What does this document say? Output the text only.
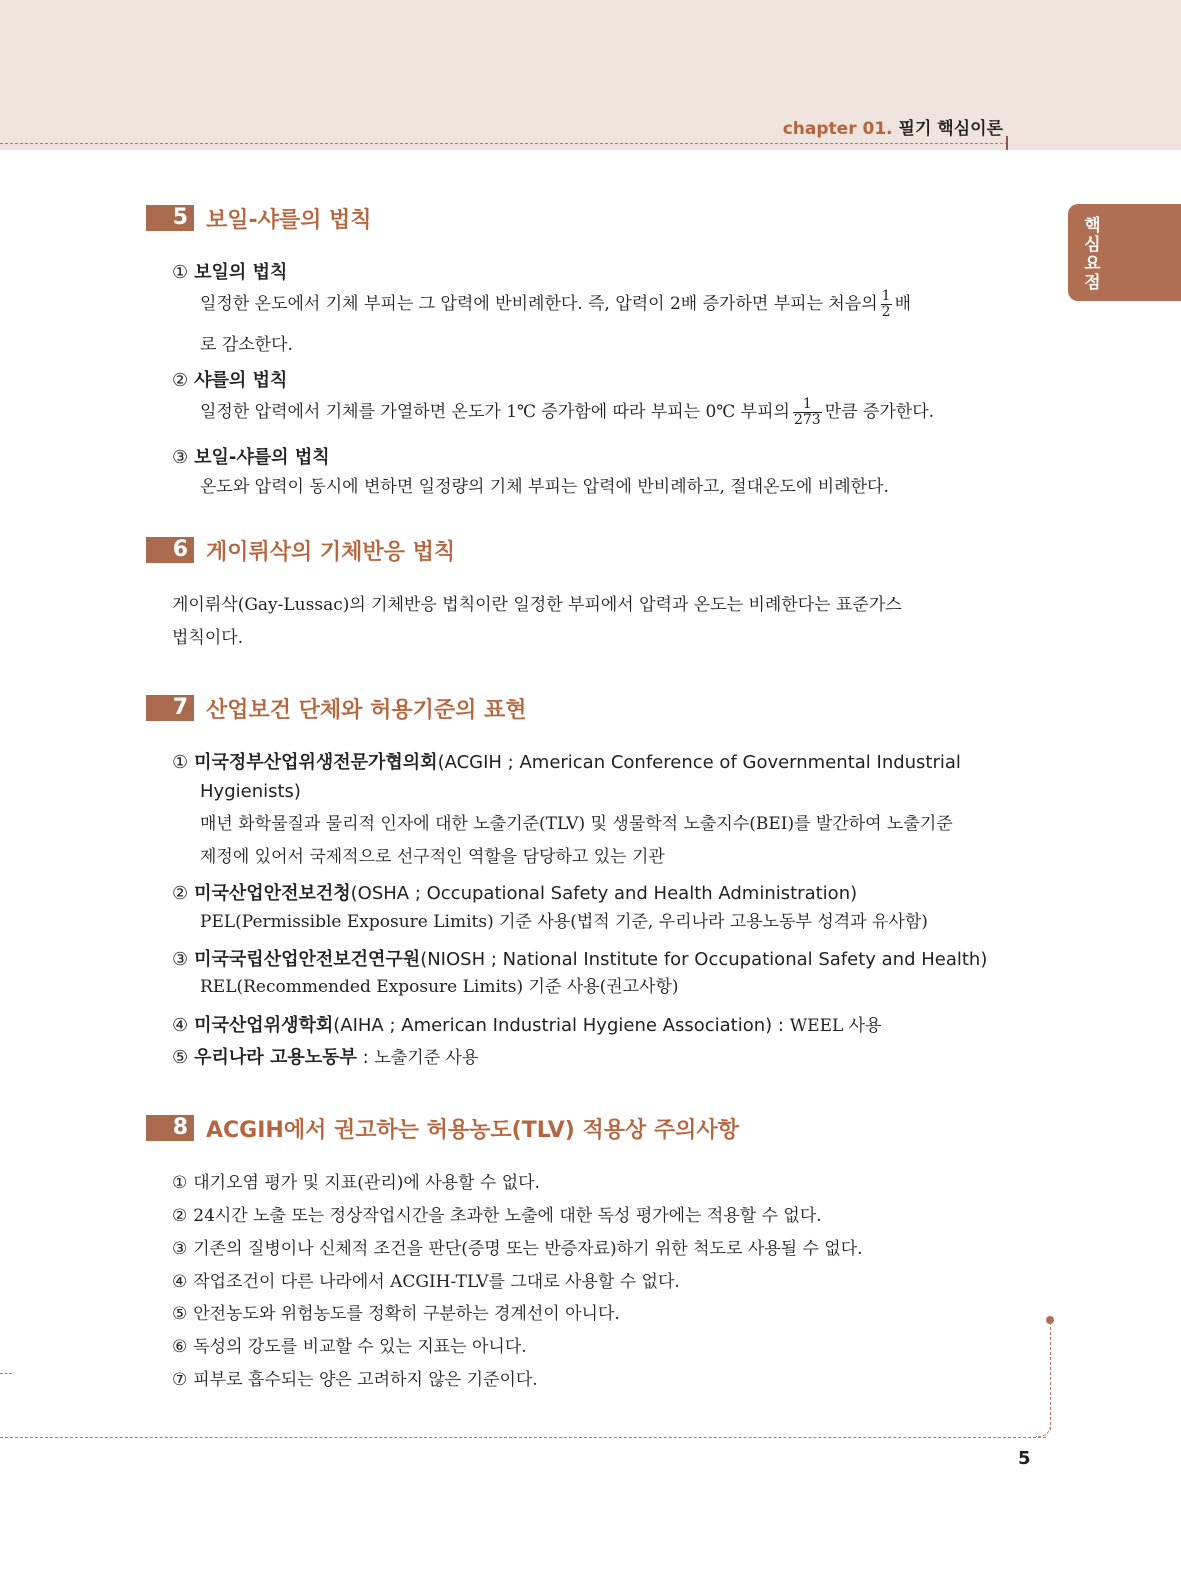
chapter 01. 필기 핵심이론
핵심요점
5 보일-샤를의 법칙
① 보일의 법칙
일정한 온도에서 기체 부피는 그 압력에 반비례한다. 즉, 압력이 2배 증가하면 부피는 처음의 $\frac{1}{2}$ 배
로 감소한다.
② 샤를의 법칙
일정한 압력에서 기체를 가열하면 온도가 1℃ 증가함에 따라 부피는 0℃ 부피의 $\frac{1}{273}$ 만큼 증가한다.
③ 보일-샤를의 법칙
온도와 압력이 동시에 변하면 일정량의 기체 부피는 압력에 반비례하고, 절대온도에 비례한다.
6 게이뤼삭의 기체반응 법칙
게이뤼삭(Gay-Lussac)의 기체반응 법칙이란 일정한 부피에서 압력과 온도는 비례한다는 표준가스
법칙이다.
7 산업보건 단체와 허용기준의 표현
① 미국정부산업위생전문가협의회(ACGIH ; American Conference of Governmental Industrial
Hygienists)
매년 화학물질과 물리적 인자에 대한 노출기준(TLV) 및 생물학적 노출지수(BEI)를 발간하여 노출기준
제정에 있어서 국제적으로 선구적인 역할을 담당하고 있는 기관
② 미국산업안전보건청(OSHA ; Occupational Safety and Health Administration)
PEL(Permissible Exposure Limits) 기준 사용(법적 기준, 우리나라 고용노동부 성격과 유사함)
③ 미국국립산업안전보건연구원(NIOSH ; National Institute for Occupational Safety and Health)
REL(Recommended Exposure Limits) 기준 사용(권고사항)
④ 미국산업위생학회(AIHA ; American Industrial Hygiene Association) : WEEL 사용
⑤ 우리나라 고용노동부 : 노출기준 사용
8 ACGIH에서 권고하는 허용농도(TLV) 적용상 주의사항
① 대기오염 평가 및 지표(관리)에 사용할 수 없다.
② 24시간 노출 또는 정상작업시간을 초과한 노출에 대한 독성 평가에는 적용할 수 없다.
③ 기존의 질병이나 신체적 조건을 판단(증명 또는 반증자료)하기 위한 척도로 사용될 수 없다.
④ 작업조건이 다른 나라에서 ACGIH-TLV를 그대로 사용할 수 없다.
⑤ 안전농도와 위험농도를 정확히 구분하는 경계선이 아니다.
⑥ 독성의 강도를 비교할 수 있는 지표는 아니다.
⑦ 피부로 흡수되는 양은 고려하지 않은 기준이다.
5
